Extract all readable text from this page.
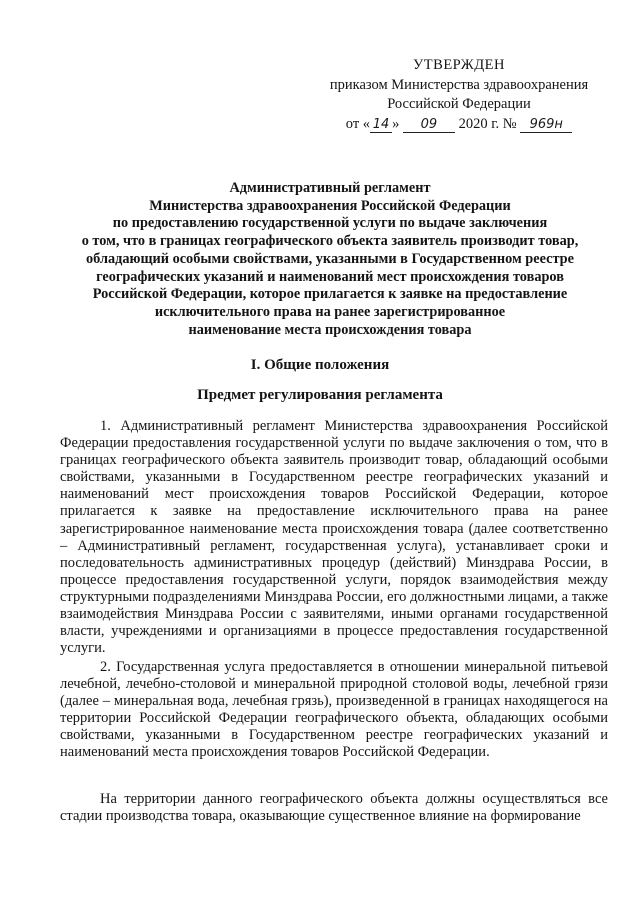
УТВЕРЖДЕН
приказом Министерства здравоохранения
Российской Федерации
от « 14 » 09 2020 г. № 969н
Административный регламент
Министерства здравоохранения Российской Федерации
по предоставлению государственной услуги по выдаче заключения
о том, что в границах географического объекта заявитель производит товар,
обладающий особыми свойствами, указанными в Государственном реестре
географических указаний и наименований мест происхождения товаров
Российской Федерации, которое прилагается к заявке на предоставление
исключительного права на ранее зарегистрированное
наименование места происхождения товара
I. Общие положения
Предмет регулирования регламента

1. Административный регламент Министерства здравоохранения Российской Федерации предоставления государственной услуги по выдаче заключения о том, что в границах географического объекта заявитель производит товар, обладающий особыми свойствами, указанными в Государственном реестре географических указаний и наименований мест происхождения товаров Российской Федерации, которое прилагается к заявке на предоставление исключительного права на ранее зарегистрированное наименование места происхождения товара (далее соответственно – Административный регламент, государственная услуга), устанавливает сроки и последовательность административных процедур (действий) Минздрава России, в процессе предоставления государственной услуги, порядок взаимодействия между структурными подразделениями Минздрава России, его должностными лицами, а также взаимодействия Минздрава России с заявителями, иными органами государственной власти, учреждениями и организациями в процессе предоставления государственной услуги.

2. Государственная услуга предоставляется в отношении минеральной питьевой лечебной, лечебно-столовой и минеральной природной столовой воды, лечебной грязи (далее – минеральная вода, лечебная грязь), произведенной в границах находящегося на территории Российской Федерации географического объекта, обладающих особыми свойствами, указанными в Государственном реестре географических указаний и наименований места происхождения товаров Российской Федерации.

На территории данного географического объекта должны осуществляться все стадии производства товара, оказывающие существенное влияние на формирование
